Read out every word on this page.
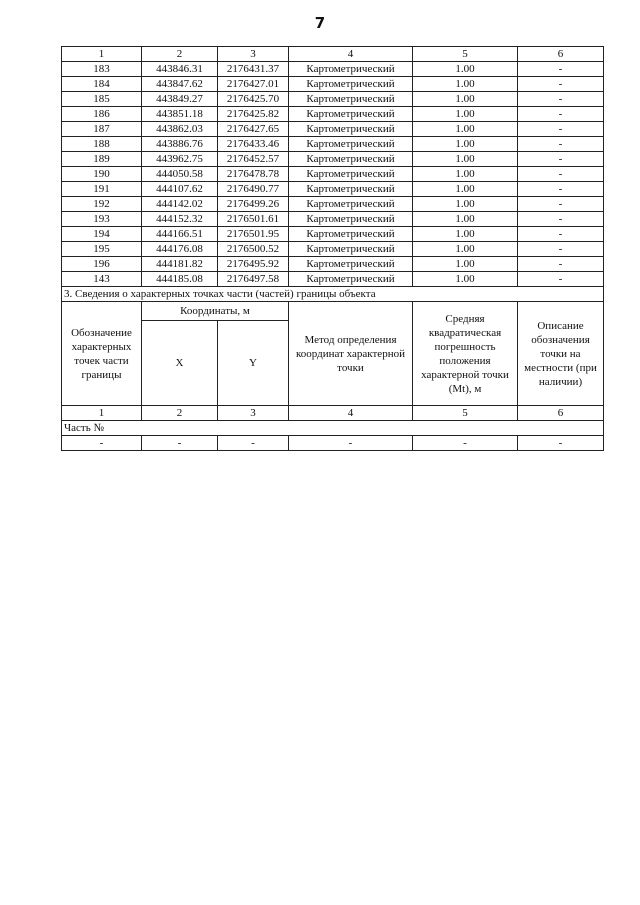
7
1	2	3	4	5	6
183	443846.31	2176431.37	Картометрический	1.00	-
184	443847.62	2176427.01	Картометрический	1.00	-
185	443849.27	2176425.70	Картометрический	1.00	-
186	443851.18	2176425.82	Картометрический	1.00	-
187	443862.03	2176427.65	Картометрический	1.00	-
188	443886.76	2176433.46	Картометрический	1.00	-
189	443962.75	2176452.57	Картометрический	1.00	-
190	444050.58	2176478.78	Картометрический	1.00	-
191	444107.62	2176490.77	Картометрический	1.00	-
192	444142.02	2176499.26	Картометрический	1.00	-
193	444152.32	2176501.61	Картометрический	1.00	-
194	444166.51	2176501.95	Картометрический	1.00	-
195	444176.08	2176500.52	Картометрический	1.00	-
196	444181.82	2176495.92	Картометрический	1.00	-
143	444185.08	2176497.58	Картометрический	1.00	-
3. Сведения о характерных точках части (частей) границы объекта					
Обозначение характерных точек части границы	Координаты, м		Метод определения координат характерной точки	Средняя квадратическая погрешность положения характерной точки (Mt), м	Описание обозначения точки на местности (при наличии)
	X	Y			
1	2	3	4	5	6
Часть №					
-	-	-	-	-	-
